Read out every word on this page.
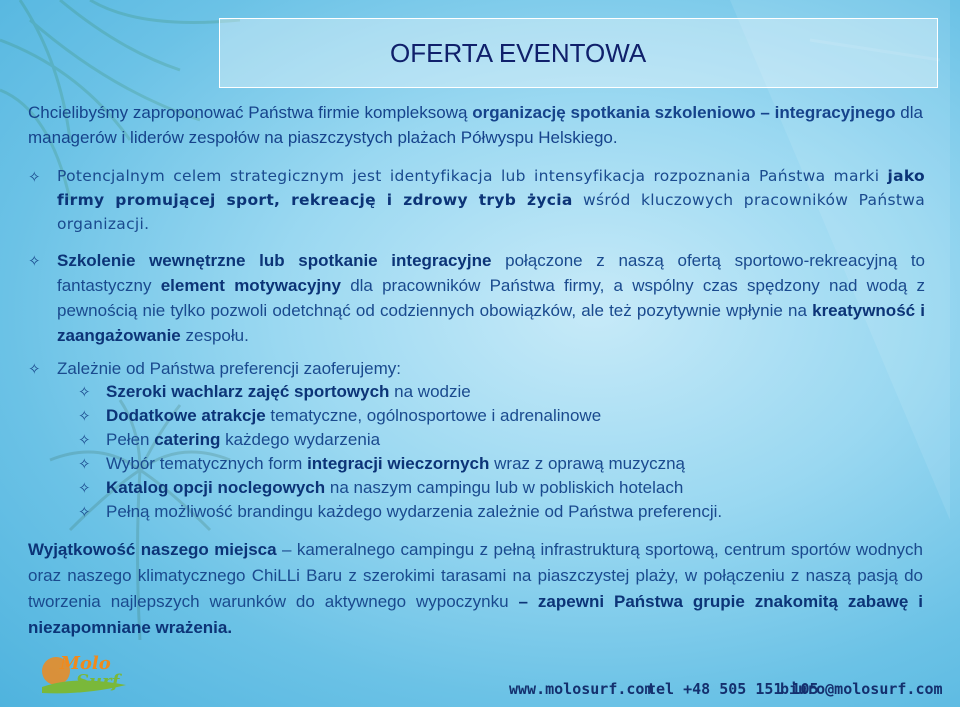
OFERTA EVENTOWA
Chcielibyśmy zaproponować Państwa firmie kompleksową organizację spotkania szkoleniowo – integracyjnego dla managerów i liderów zespołów na piaszczystych plażach Półwyspu Helskiego.
✧ Potencjalnym celem strategicznym jest identyfikacja lub intensyfikacja rozpoznania Państwa marki jako firmy promującej sport, rekreację i zdrowy tryb życia wśród kluczowych pracowników Państwa organizacji.
✧ Szkolenie wewnętrzne lub spotkanie integracyjne połączone z naszą ofertą sportowo-rekreacyjną to fantastyczny element motywacyjny dla pracowników Państwa firmy, a wspólny czas spędzony nad wodą z pewnością nie tylko pozwoli odetchnąć od codziennych obowiązków, ale też pozytywnie wpłynie na kreatywność i zaangażowanie zespołu.
✧ Zależnie od Państwa preferencji zaoferujemy:
✧ Szeroki wachlarz zajęć sportowych na wodzie
✧ Dodatkowe atrakcje tematyczne, ogólnosportowe i adrenalinowe
✧ Pełen catering każdego wydarzenia
✧ Wybór tematycznych form integracji wieczornych wraz z oprawą muzyczną
✧ Katalog opcji noclegowych na naszym campingu lub w pobliskich hotelach
✧ Pełną możliwość brandingu każdego wydarzenia zależnie od Państwa preferencji.
Wyjątkowość naszego miejsca – kameralnego campingu z pełną infrastrukturą sportową, centrum sportów wodnych oraz naszego klimatycznego ChiLLi Baru z szerokimi tarasami na piaszczystej plaży, w połączeniu z naszą pasją do tworzenia najlepszych warunków do aktywnego wypoczynku – zapewni Państwa grupie znakomitą zabawę i niezapomniane wrażenia.
Molo
Surf	www.molosurf.com
tel +48 505 151 105
biuro@molosurf.com
